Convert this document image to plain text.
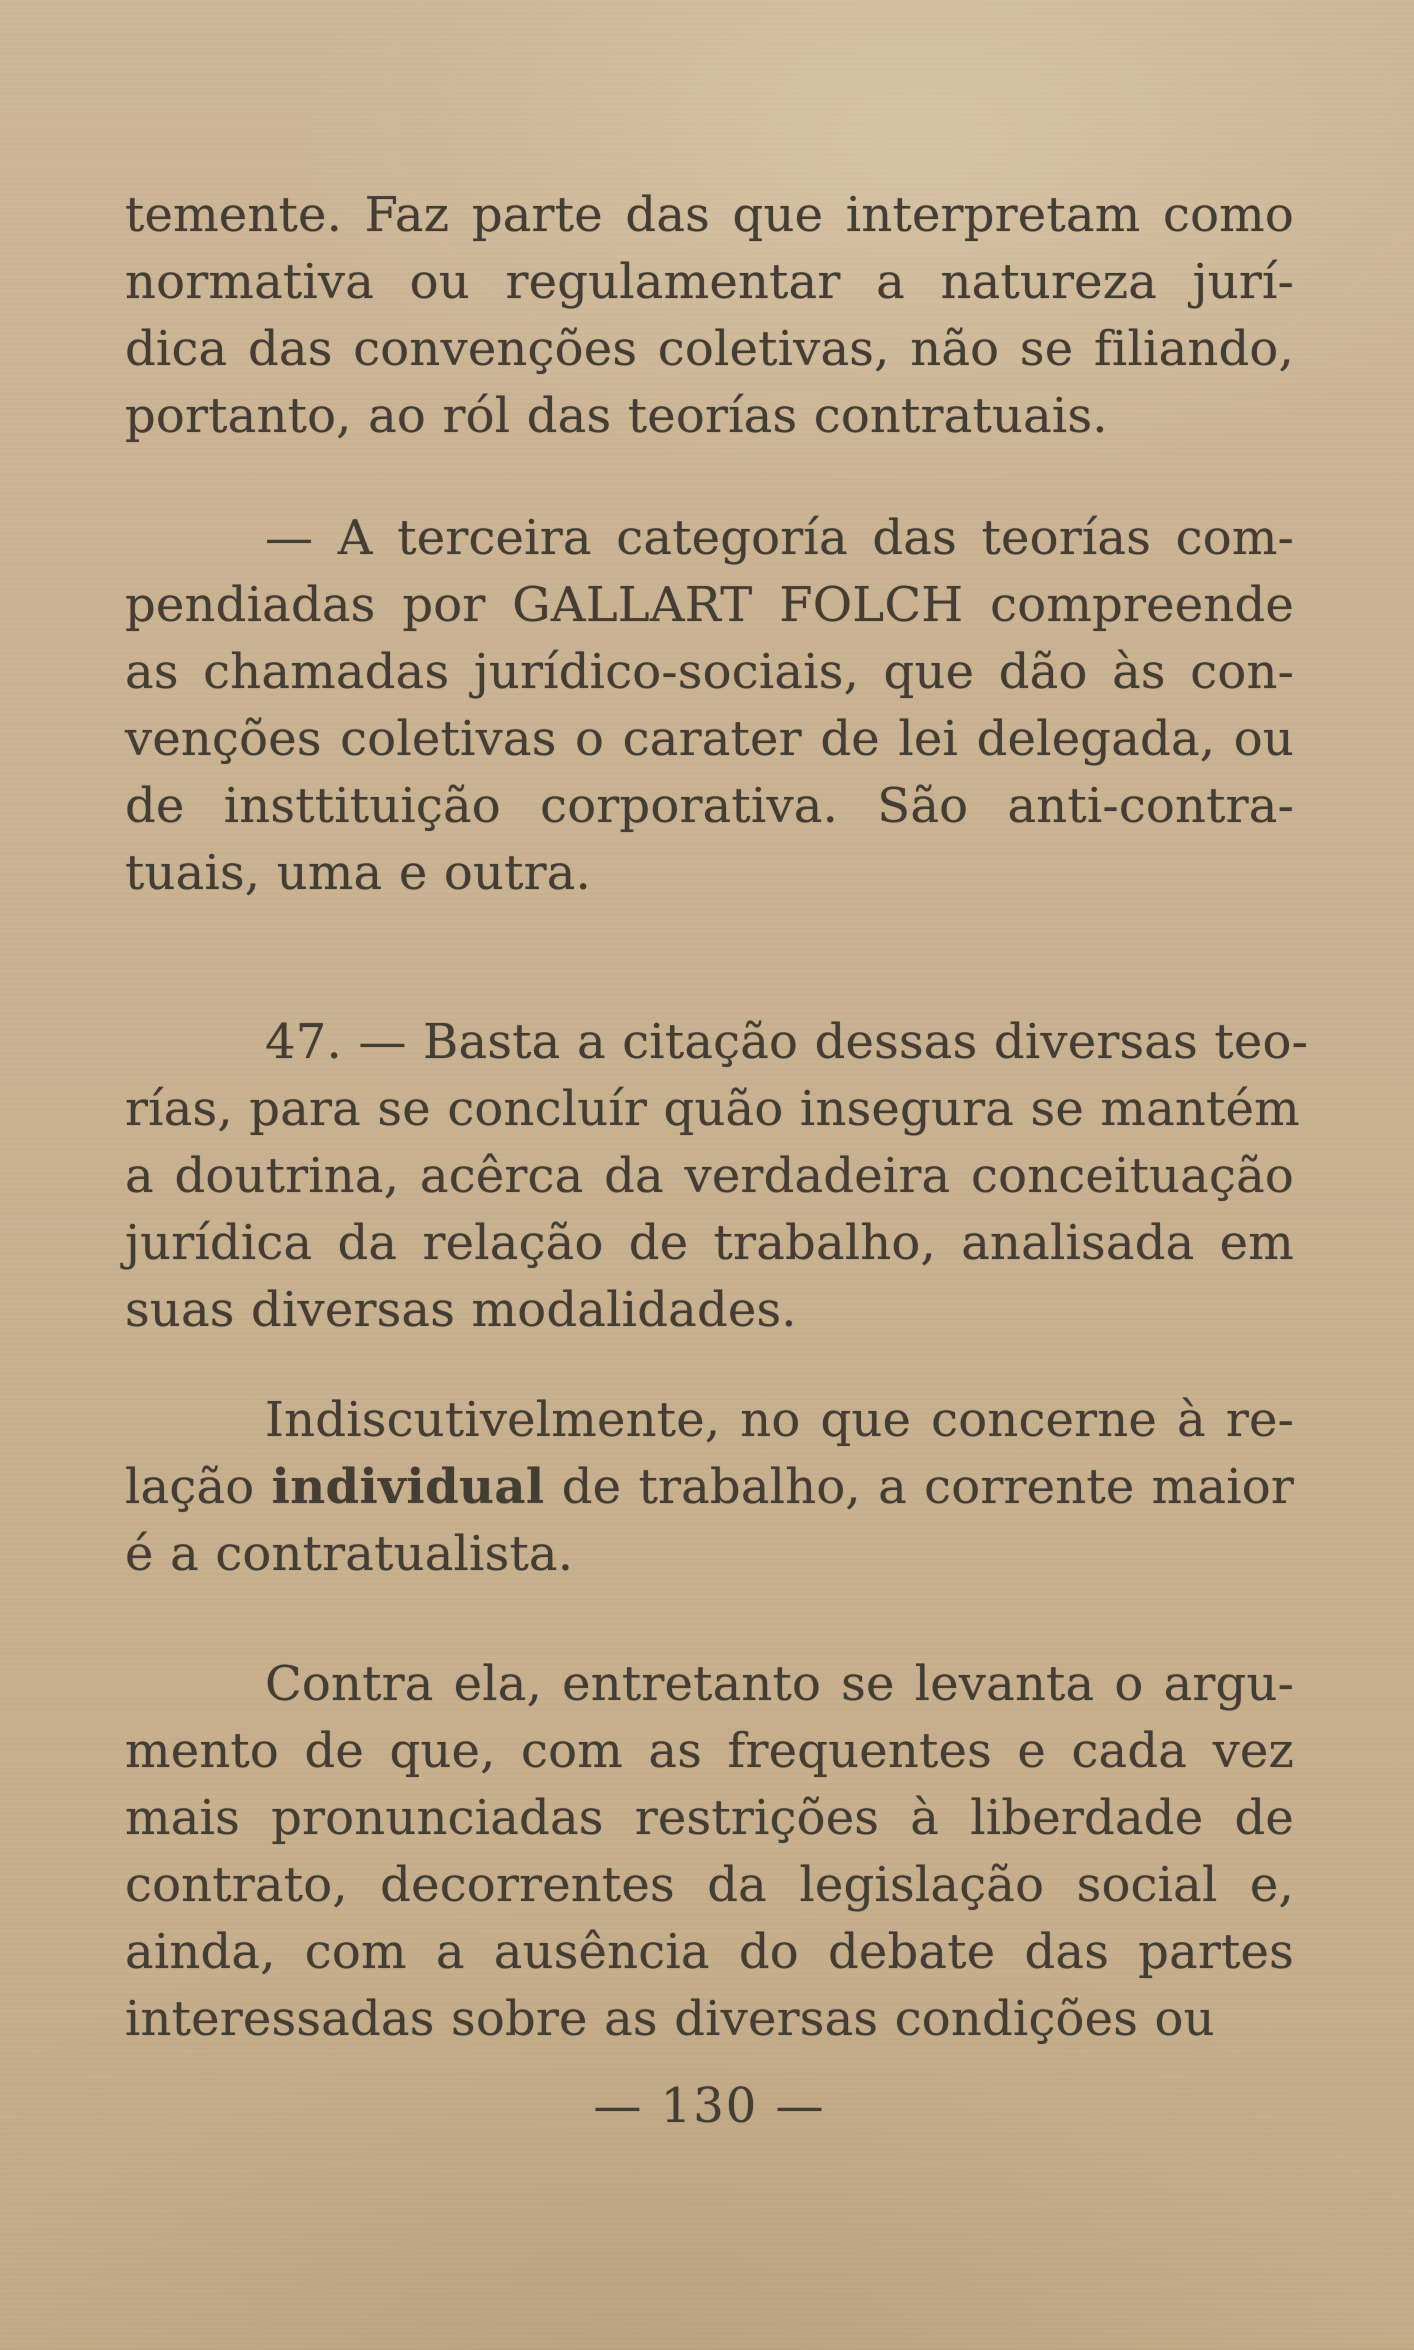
temente. Faz parte das que interpretam como
normativa ou regulamentar a natureza jurí-
dica das convenções coletivas, não se filiando,
portanto, ao ról das teorías contratuais.
— A terceira categoría das teorías com-
pendiadas por GALLART FOLCH compreende
as chamadas jurídico-sociais, que dão às con-
venções coletivas o carater de lei delegada, ou
de insttituição corporativa. São anti-contra-
tuais, uma e outra.
47. — Basta a citação dessas diversas teo-
rías, para se concluír quão insegura se mantém
a doutrina, acêrca da verdadeira conceituação
jurídica da relação de trabalho, analisada em
suas diversas modalidades.
Indiscutivelmente, no que concerne à re-
lação individual de trabalho, a corrente maior
é a contratualista.
Contra ela, entretanto se levanta o argu-
mento de que, com as frequentes e cada vez
mais pronunciadas restrições à liberdade de
contrato, decorrentes da legislação social e,
ainda, com a ausência do debate das partes
interessadas sobre as diversas condições ou
— 130 —
